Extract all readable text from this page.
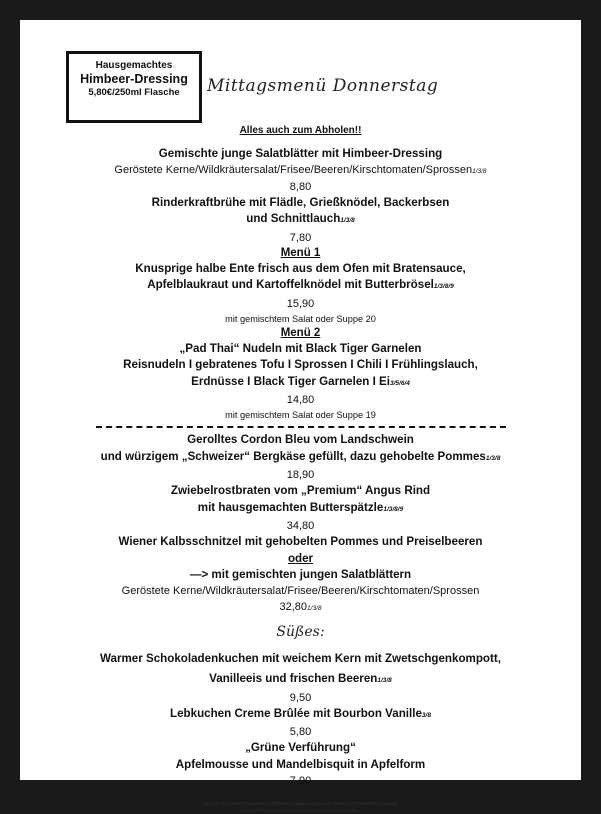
Hausgemachtes
Himbeer-Dressing
5,80€/250ml Flasche	Mittagsmenü Donnerstag

Alles auch zum Abholen!!

Gemischte junge Salatblätter mit Himbeer-Dressing

Geröstete Kerne/Wildkräutersalat/Frisee/Beeren/Kirschtomaten/Sprossen1/3/8

8,80

Rinderkraftbrühe mit Flädle, Grießknödel, Backerbsen

und Schnittlauch1/3/8

7,80

Menü 1

Knusprige halbe Ente frisch aus dem Ofen mit Bratensauce,

Apfelblaukraut und Kartoffelknödel mit Butterbrösel1/3/8/9

15,90

mit gemischtem Salat oder Suppe 20

Menü 2

„Pad Thai“ Nudeln mit Black Tiger Garnelen

Reisnudeln I gebratenes Tofu I Sprossen I Chili I Frühlingslauch,

Erdnüsse I Black Tiger Garnelen I Ei3/5/6/4

14,80

mit gemischtem Salat oder Suppe 19

Gerolltes Cordon Bleu vom Landschwein

und würzigem „Schweizer“ Bergkäse gefüllt, dazu gehobelte Pommes1/3/8

18,90

Zwiebelrostbraten vom „Premium“ Angus Rind

mit hausgemachten Butterspätzle1/3/8/9

34,80

Wiener Kalbsschnitzel mit gehobelten Pommes und Preiselbeeren

oder

—> mit gemischten jungen Salatblättern

Geröstete Kerne/Wildkräutersalat/Frisee/Beeren/Kirschtomaten/Sprossen

32,801/3/8

Süßes:

Warmer Schokoladenkuchen mit weichem Kern mit Zwetschgenkompott,

Vanilleeis und frischen Beeren1/3/8

9,50

Lebkuchen Creme Brûlée mit Bourbon Vanille3/8

5,80

„Grüne Verführung“

Apfelmousse und Mandelbisquit in Apfelform

7,90

Über die in unseren Produkten enthaltenen Allergene geben wir Ihnen gerne mündlich Auskunft.
Eine schriftliche Dokumentation kann eingesehen werden.
